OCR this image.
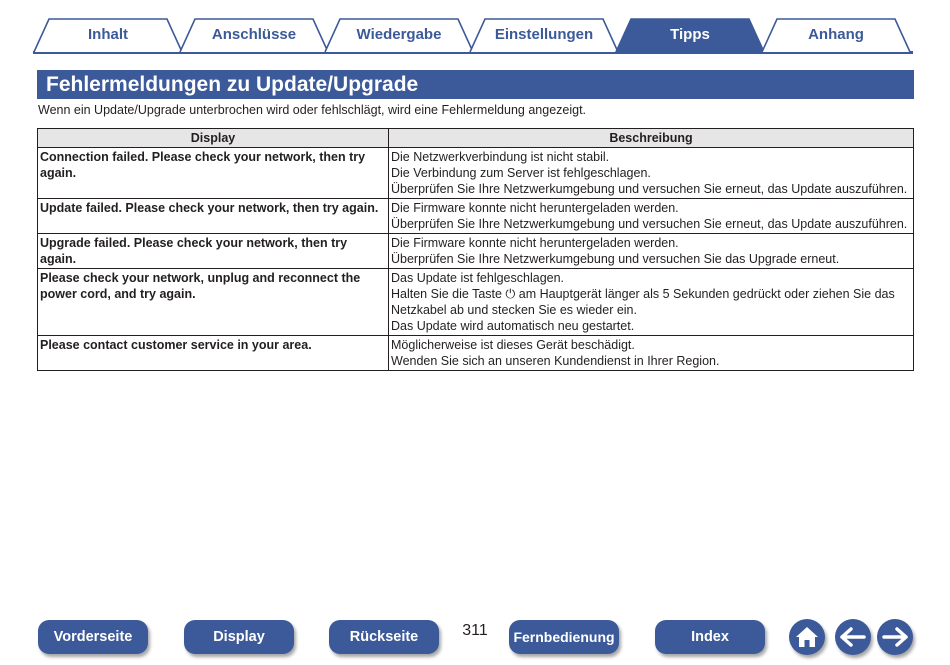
Inhalt	Anschlüsse	Wiedergabe	Einstellungen	Tipps	Anhang
Fehlermeldungen zu Update/Upgrade
Wenn ein Update/Upgrade unterbrochen wird oder fehlschlägt, wird eine Fehlermeldung angezeigt.
Display	Beschreibung
Connection failed. Please check your network, then try again.	Die Netzwerkverbindung ist nicht stabil.
Die Verbindung zum Server ist fehlgeschlagen.
Überprüfen Sie Ihre Netzwerkumgebung und versuchen Sie erneut, das Update auszuführen.

Update failed. Please check your network, then try again.	Die Firmware konnte nicht heruntergeladen werden.
Überprüfen Sie Ihre Netzwerkumgebung und versuchen Sie erneut, das Update auszuführen.

Upgrade failed. Please check your network, then try again.	Die Firmware konnte nicht heruntergeladen werden.
Überprüfen Sie Ihre Netzwerkumgebung und versuchen Sie das Upgrade erneut.

Please check your network, unplug and reconnect the power cord, and try again.	Das Update ist fehlgeschlagen.
Halten Sie die Taste ⏻ am Hauptgerät länger als 5 Sekunden gedrückt oder ziehen Sie das Netzkabel ab und stecken Sie es wieder ein.
Das Update wird automatisch neu gestartet.

Please contact customer service in your area.	Möglicherweise ist dieses Gerät beschädigt.
Wenden Sie sich an unseren Kundendienst in Ihrer Region.
Vorderseite	Display	Rückseite	311	Fernbedienung	Index
